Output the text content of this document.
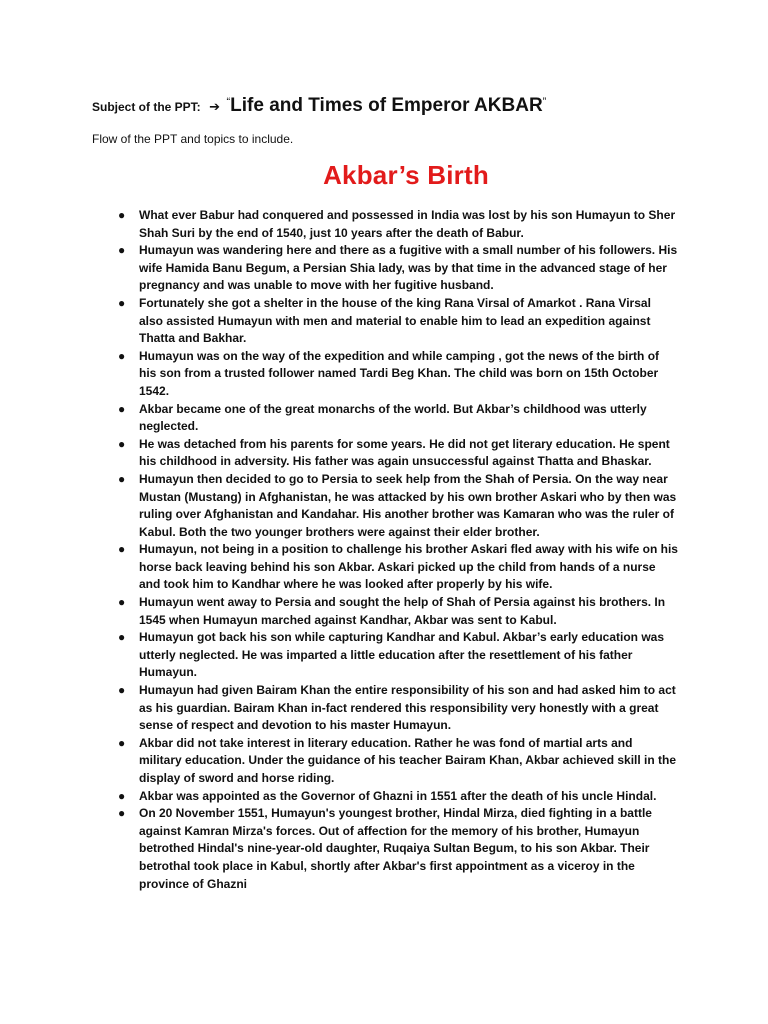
Subject of the PPT: ➔ “Life and Times of Emperor AKBAR”
Flow of the PPT and topics to include.
Akbar’s Birth
● What ever Babur had conquered and possessed in India was lost by his son Humayun to Sher Shah Suri by the end of 1540, just 10 years after the death of Babur.
● Humayun was wandering here and there as a fugitive with a small number of his followers. His wife Hamida Banu Begum, a Persian Shia lady, was by that time in the advanced stage of her pregnancy and was unable to move with her fugitive husband.
● Fortunately she got a shelter in the house of the king Rana Virsal of Amarkot . Rana Virsal also assisted Humayun with men and material to enable him to lead an expedition against Thatta and Bakhar.
● Humayun was on the way of the expedition and while camping , got the news of the birth of his son from a trusted follower named Tardi Beg Khan. The child was born on 15th October 1542.
● Akbar became one of the great monarchs of the world. But Akbar’s childhood was utterly neglected.
● He was detached from his parents for some years. He did not get literary education. He spent his childhood in adversity. His father was again unsuccessful against Thatta and Bhaskar.
● Humayun then decided to go to Persia to seek help from the Shah of Persia. On the way near Mustan (Mustang) in Afghanistan, he was attacked by his own brother Askari who by then was ruling over Afghanistan and Kandahar. His another brother was Kamaran who was the ruler of Kabul. Both the two younger brothers were against their elder brother.
● Humayun, not being in a position to challenge his brother Askari fled away with his wife on his horse back leaving behind his son Akbar. Askari picked up the child from hands of a nurse and took him to Kandhar where he was looked after properly by his wife.
● Humayun went away to Persia and sought the help of Shah of Persia against his brothers. In 1545 when Humayun marched against Kandhar, Akbar was sent to Kabul.
● Humayun got back his son while capturing Kandhar and Kabul. Akbar’s early education was utterly neglected. He was imparted a little education after the resettlement of his father Humayun.
● Humayun had given Bairam Khan the entire responsibility of his son and had asked him to act as his guardian. Bairam Khan in-fact rendered this responsibility very honestly with a great sense of respect and devotion to his master Humayun.
● Akbar did not take interest in literary education. Rather he was fond of martial arts and military education. Under the guidance of his teacher Bairam Khan, Akbar achieved skill in the display of sword and horse riding.
● Akbar was appointed as the Governor of Ghazni in 1551 after the death of his uncle Hindal.
● On 20 November 1551, Humayun's youngest brother, Hindal Mirza, died fighting in a battle against Kamran Mirza's forces. Out of affection for the memory of his brother, Humayun betrothed Hindal's nine-year-old daughter, Ruqaiya Sultan Begum, to his son Akbar. Their betrothal took place in Kabul, shortly after Akbar's first appointment as a viceroy in the province of Ghazni
